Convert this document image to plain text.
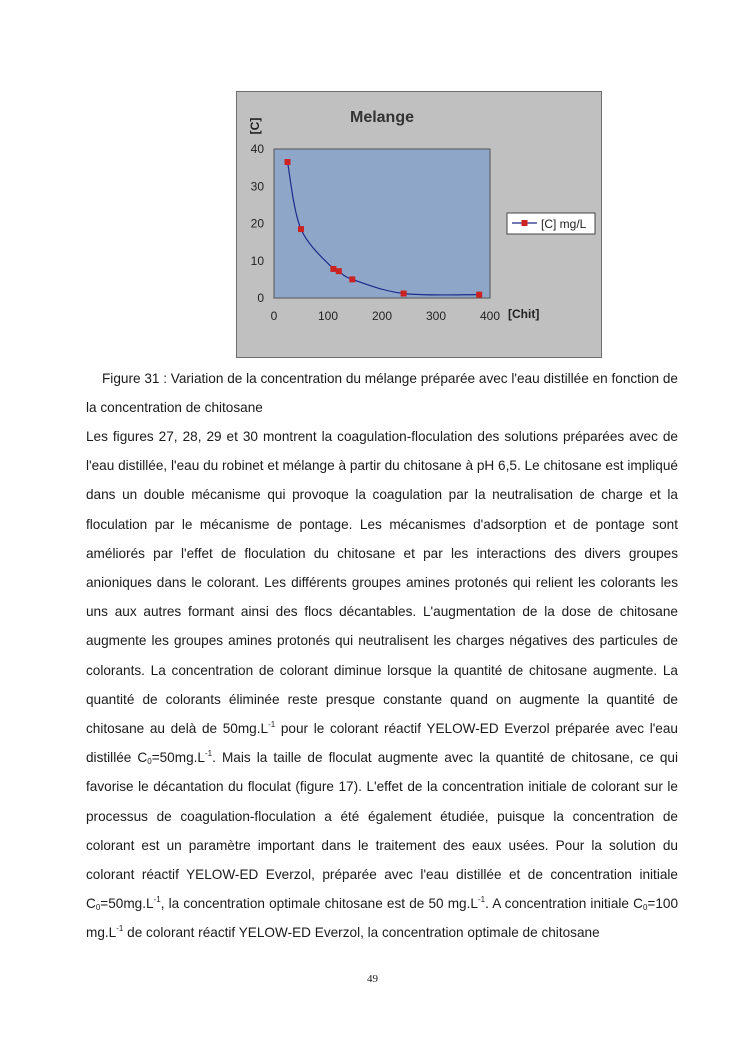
Melange
[C]
0
10
20
30
40
0	100	200	300	400 [Chit]
[C] mg/L
Figure 31 : Variation de la concentration du mélange préparée avec l'eau distillée en fonction de la concentration de chitosane
Les figures 27, 28, 29 et 30 montrent la coagulation-floculation des solutions préparées avec de l'eau distillée, l'eau du robinet et mélange à partir du chitosane à pH 6,5. Le chitosane est impliqué dans un double mécanisme qui provoque la coagulation par la neutralisation de charge et la floculation par le mécanisme de pontage. Les mécanismes d'adsorption et de pontage sont améliorés par l'effet de floculation du chitosane et par les interactions des divers groupes anioniques dans le colorant. Les différents groupes amines protonés qui relient les colorants les uns aux autres formant ainsi des flocs décantables. L'augmentation de la dose de chitosane augmente les groupes amines protonés qui neutralisent les charges négatives des particules de colorants. La concentration de colorant diminue lorsque la quantité de chitosane augmente. La quantité de colorants éliminée reste presque constante quand on augmente la quantité de chitosane au delà de $50mg.L^{-1}$ pour le colorant réactif YELOW-ED Everzol préparée avec l'eau distillée $C_0=50mg.L^{-1}$. Mais la taille de floculat augmente avec la quantité de chitosane, ce qui favorise le décantation du floculat (figure 17). L'effet de la concentration initiale de colorant sur le processus de coagulation-floculation a été également étudiée, puisque la concentration de colorant est un paramètre important dans le traitement des eaux usées. Pour la solution du colorant réactif YELOW-ED Everzol, préparée avec l'eau distillée et de concentration initiale $C_0=50mg.L^{-1}$, la concentration optimale chitosane est de 50 $mg.L^{-1}$. A concentration initiale $C_0=100$ $mg.L^{-1}$ de colorant réactif YELOW-ED Everzol, la concentration optimale de chitosane
49
